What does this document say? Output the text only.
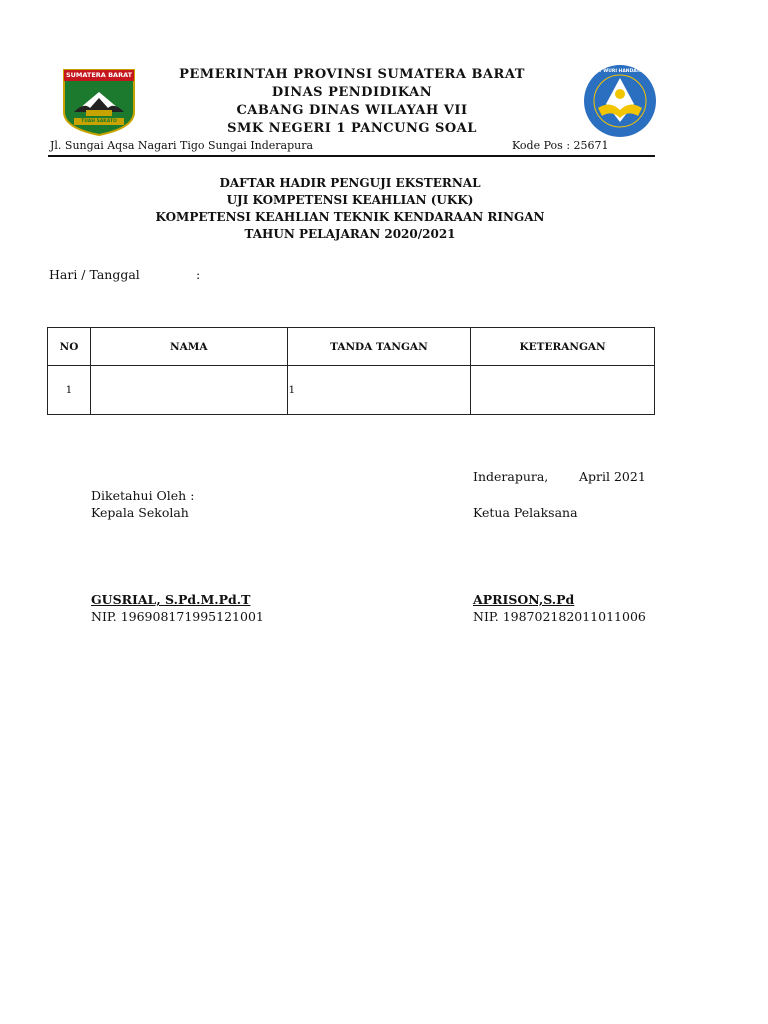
SUMATERA BARAT
TUAH SAKATO
TUT WURI HANDAYANI
PEMERINTAH PROVINSI SUMATERA BARAT
DINAS PENDIDIKAN
CABANG DINAS WILAYAH VII
SMK NEGERI 1 PANCUNG SOAL
Jl. Sungai Aqsa Nagari Tigo Sungai Inderapura	Kode Pos : 25671
DAFTAR HADIR PENGUJI EKSTERNAL
UJI KOMPETENSI KEAHLIAN (UKK)
KOMPETENSI KEAHLIAN TEKNIK KENDARAAN RINGAN
TAHUN PELAJARAN 2020/2021
Hari / Tanggal	:
NO	NAMA	TANDA TANGAN	KETERANGAN
1		1	
Inderapura, April 2021
Diketahui Oleh :
Kepala Sekolah	Ketua Pelaksana
GUSRIAL, S.Pd.M.Pd.T
NIP. 196908171995121001
APRISON,S.Pd
NIP. 198702182011011006
